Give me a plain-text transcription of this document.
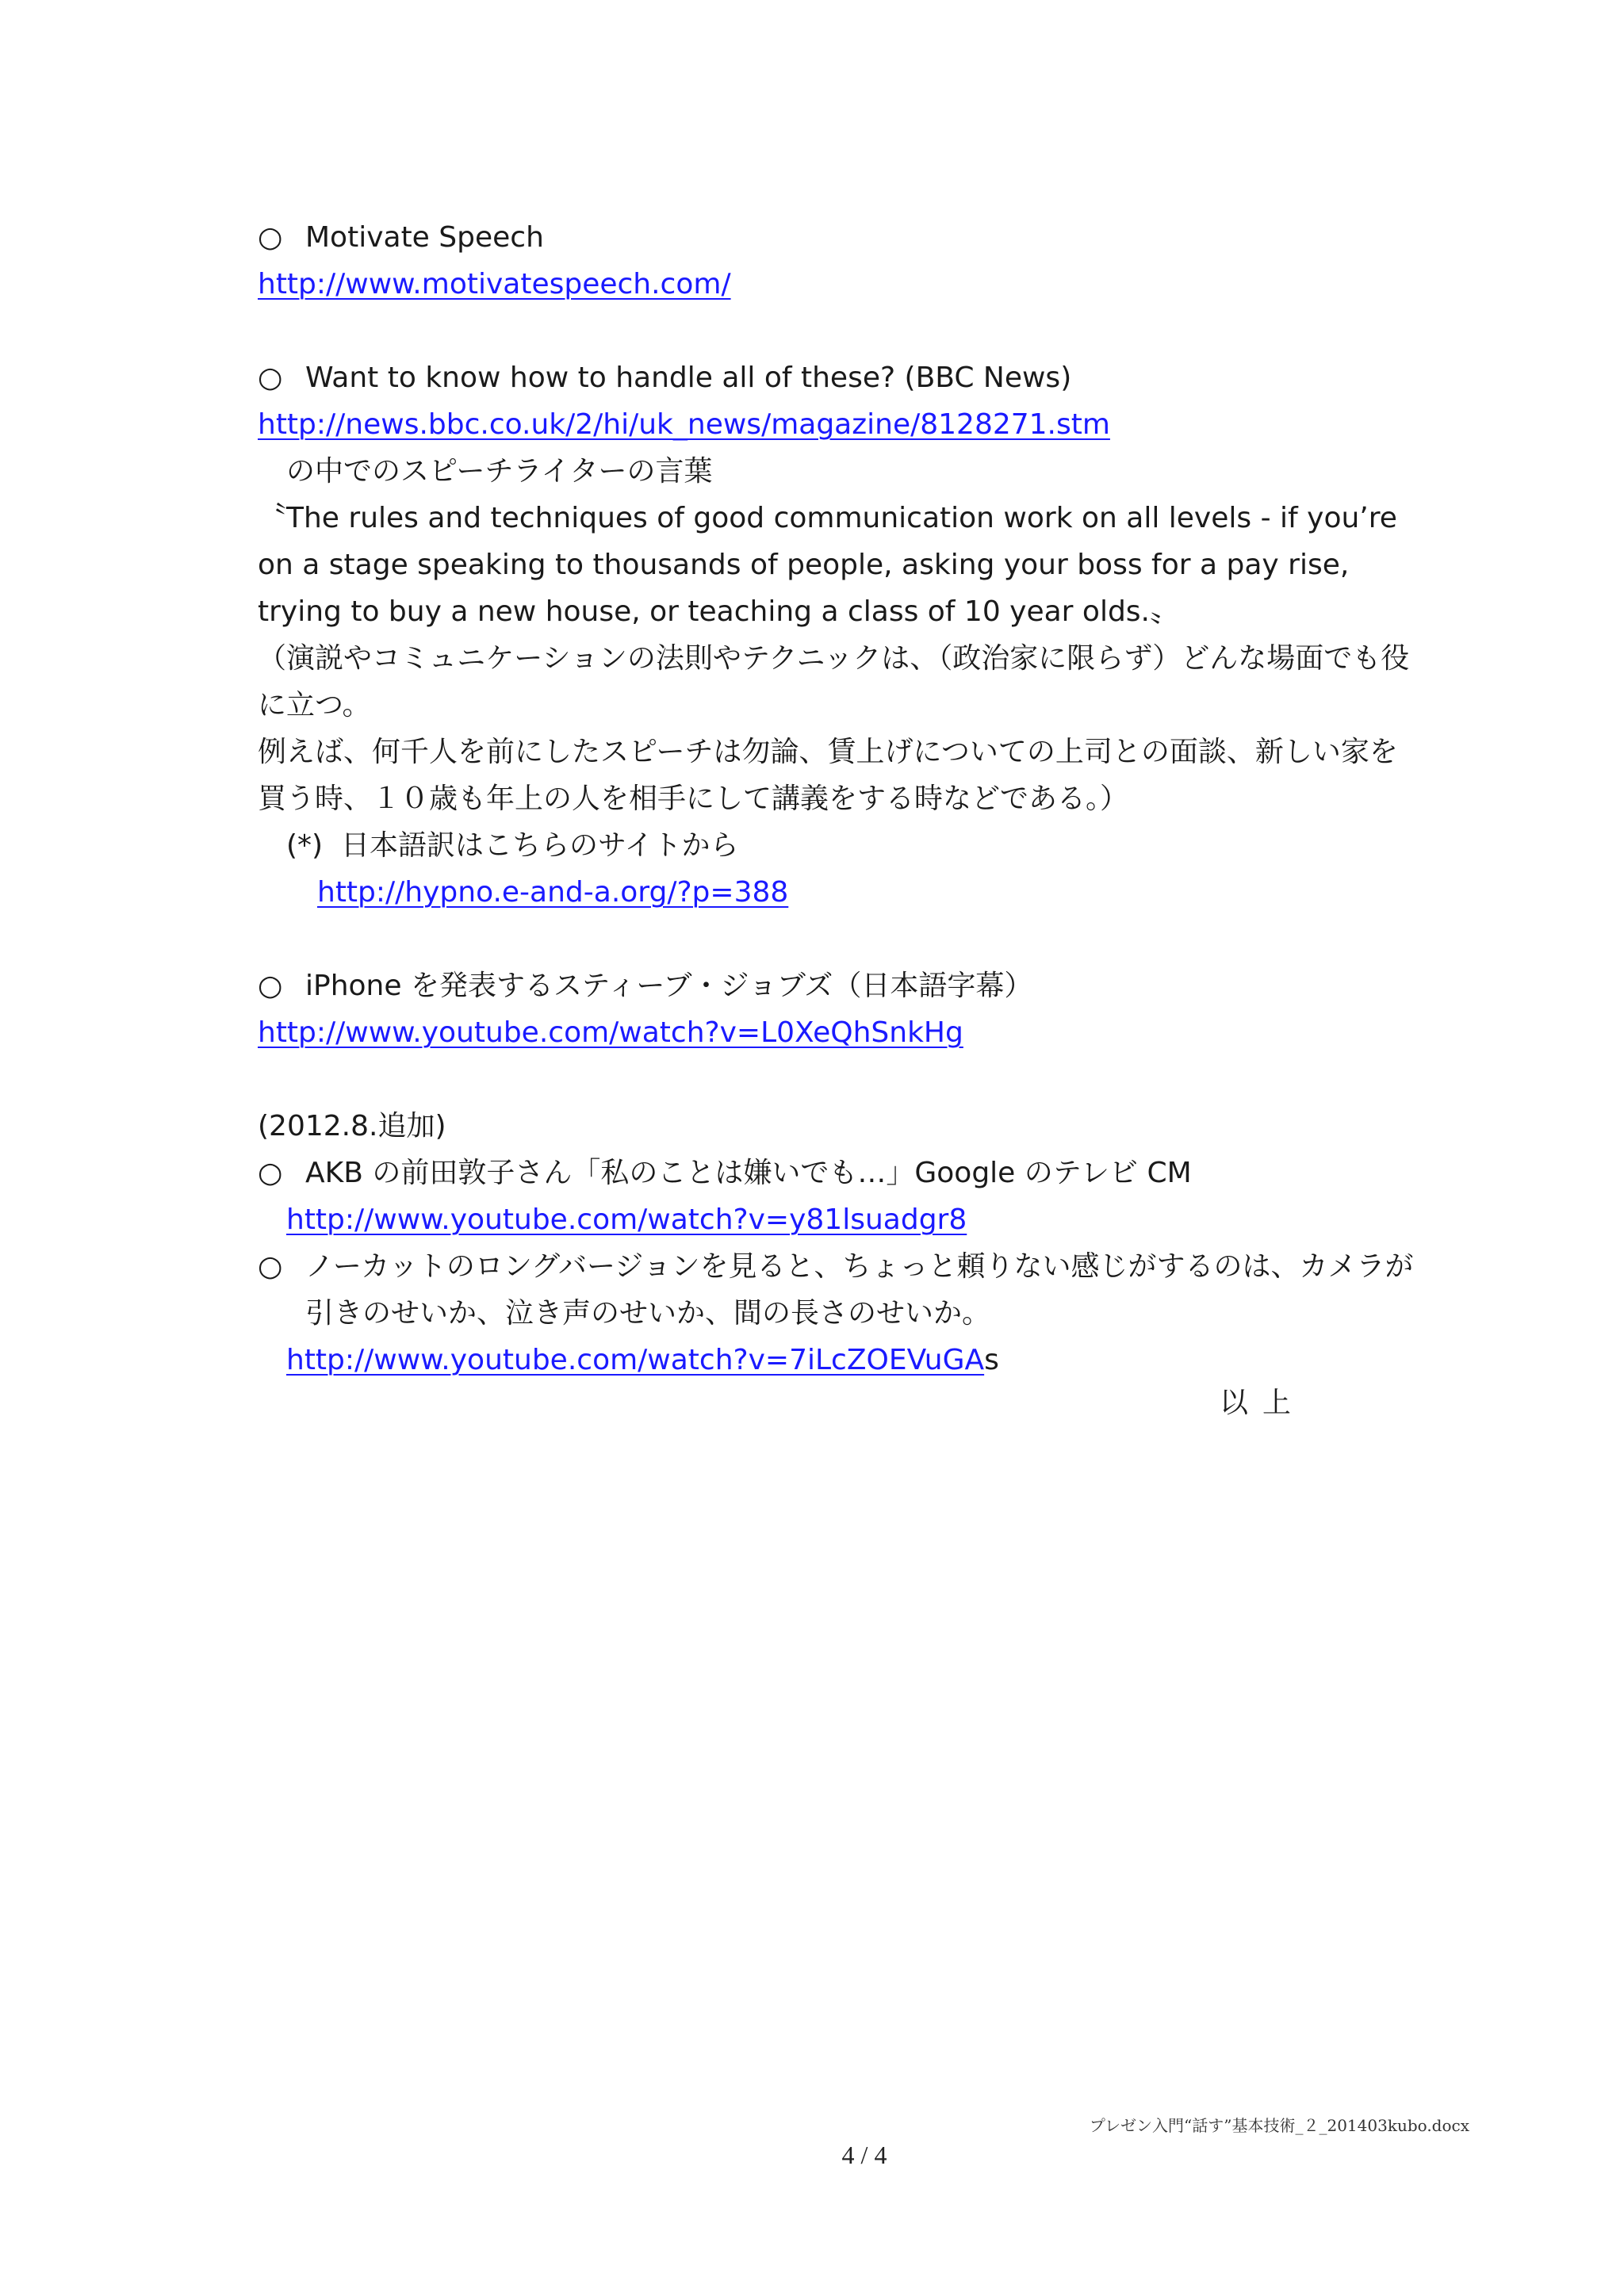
○ Motivate Speech
http://www.motivatespeech.com/
○ Want to know how to handle all of these? (BBC News)
http://news.bbc.co.uk/2/hi/uk_news/magazine/8128271.stm
の中でのスピーチライターの言葉
〝The rules and techniques of good communication work on all levels - if you’re
on a stage speaking to thousands of people, asking your boss for a pay rise,
trying to buy a new house, or teaching a class of 10 year olds.〟
（演説やコミュニケーションの法則やテクニックは、（政治家に限らず）どんな場面でも役
に立つ。
例えば、何千人を前にしたスピーチは勿論、賃上げについての上司との面談、新しい家を
買う時、１０歳も年上の人を相手にして講義をする時などである。）
(*) 日本語訳はこちらのサイトから
http://hypno.e-and-a.org/?p=388
○ iPhone を発表するスティーブ・ジョブズ（日本語字幕）
http://www.youtube.com/watch?v=L0XeQhSnkHg
(2012.8.追加)
○ AKB の前田敦子さん「私のことは嫌いでも…」Google のテレビ CM
http://www.youtube.com/watch?v=y81lsuadgr8
○ ノーカットのロングバージョンを見ると、ちょっと頼りない感じがするのは、カメラが
引きのせいか、泣き声のせいか、間の長さのせいか。
http://www.youtube.com/watch?v=7iLcZOEVuGAs
以上
プレゼン入門“話す”基本技術_２_201403kubo.docx
4 / 4
